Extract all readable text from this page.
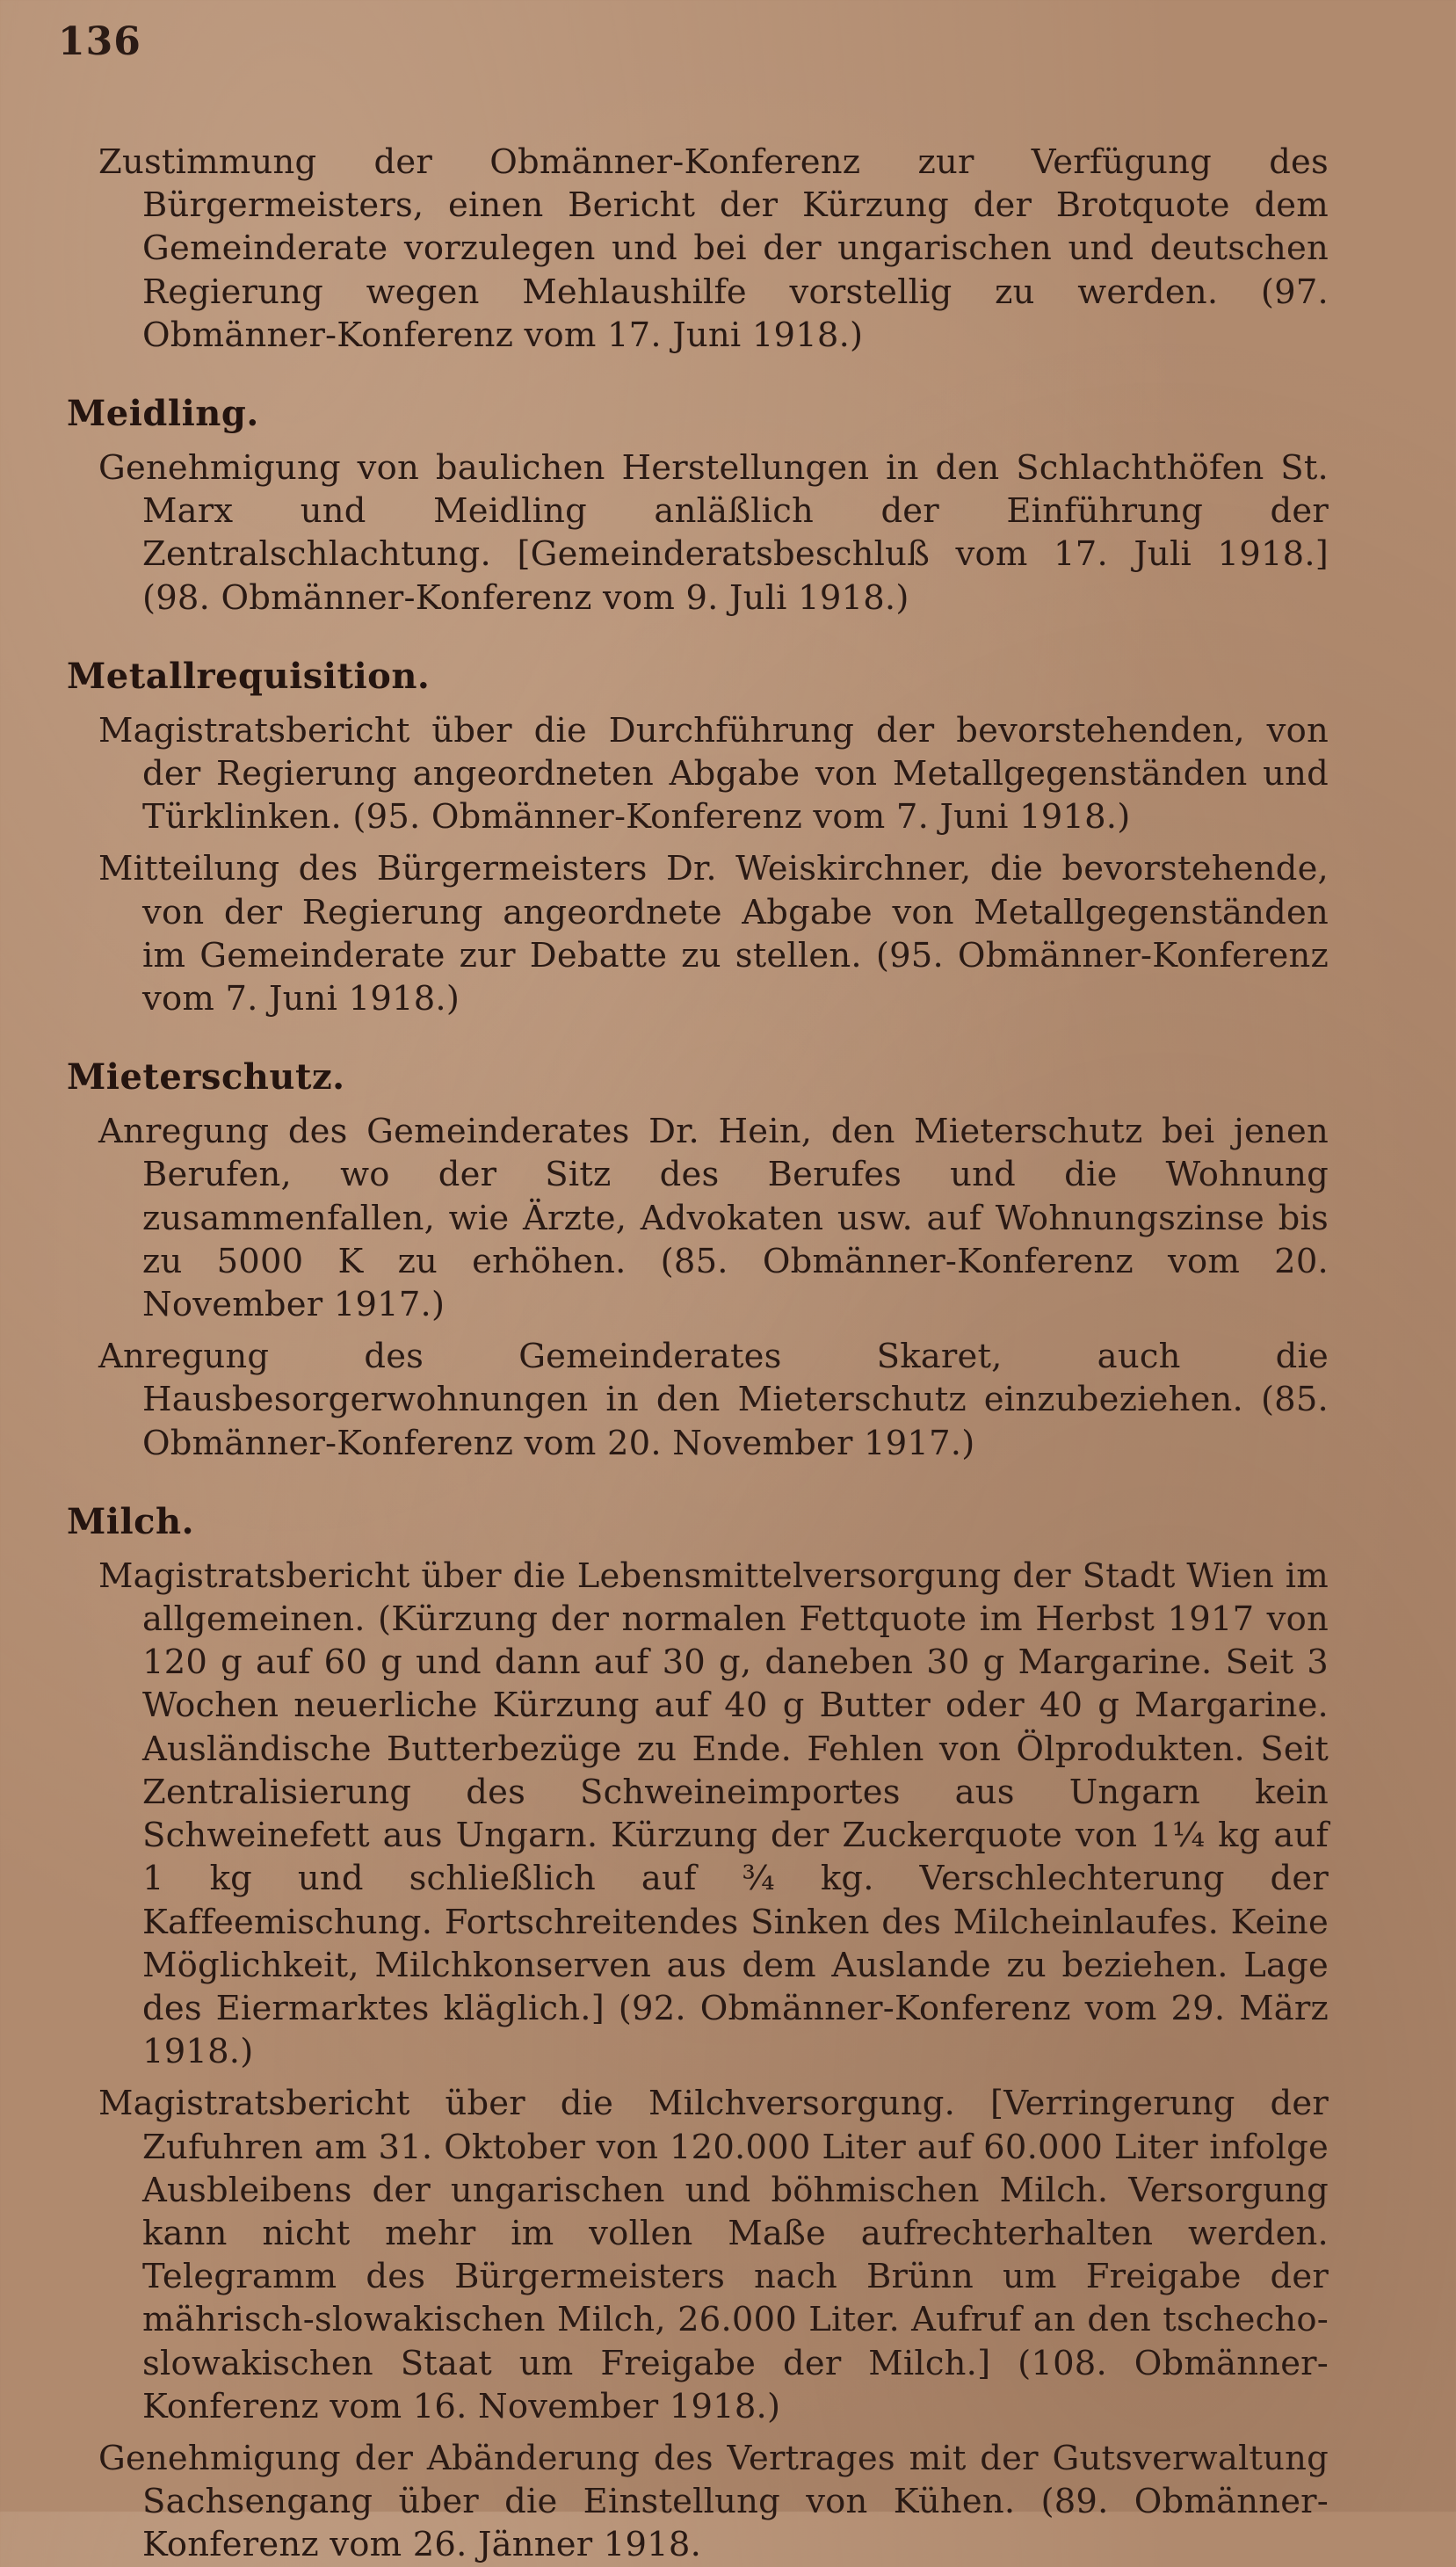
136

Zustimmung der Obmänner-Konferenz zur Verfügung des Bürgermeisters, einen Bericht der Kürzung der Brotquote dem Gemeinderate vorzulegen und bei der ungarischen und deutschen Regierung wegen Mehlaushilfe vorstellig zu werden. (97. Obmänner-Konferenz vom 17. Juni 1918.)

Meidling.

Genehmigung von baulichen Herstellungen in den Schlachthöfen St. Marx und Meidling anläßlich der Einführung der Zentralschlachtung. [Gemeinderatsbeschluß vom 17. Juli 1918.] (98. Obmänner-Konferenz vom 9. Juli 1918.)

Metallrequisition.

Magistratsbericht über die Durchführung der bevorstehenden, von der Regierung angeordneten Abgabe von Metallgegenständen und Türklinken. (95. Obmänner-Konferenz vom 7. Juni 1918.)

Mitteilung des Bürgermeisters Dr. Weiskirchner, die bevorstehende, von der Regierung angeordnete Abgabe von Metallgegenständen im Gemeinderate zur Debatte zu stellen. (95. Obmänner-Konferenz vom 7. Juni 1918.)

Mieterschutz.

Anregung des Gemeinderates Dr. Hein, den Mieterschutz bei jenen Berufen, wo der Sitz des Berufes und die Wohnung zusammenfallen, wie Ärzte, Advokaten usw. auf Wohnungszinse bis zu 5000 K zu erhöhen. (85. Obmänner-Konferenz vom 20. November 1917.)

Anregung des Gemeinderates Skaret, auch die Hausbesorgerwohnungen in den Mieterschutz einzubeziehen. (85. Obmänner-Konferenz vom 20. November 1917.)

Milch.

Magistratsbericht über die Lebensmittelversorgung der Stadt Wien im allgemeinen. (Kürzung der normalen Fettquote im Herbst 1917 von 120 g auf 60 g und dann auf 30 g, daneben 30 g Margarine. Seit 3 Wochen neuerliche Kürzung auf 40 g Butter oder 40 g Margarine. Ausländische Butterbezüge zu Ende. Fehlen von Ölprodukten. Seit Zentralisierung des Schweineimportes aus Ungarn kein Schweinefett aus Ungarn. Kürzung der Zuckerquote von 1¼ kg auf 1 kg und schließlich auf ¾ kg. Verschlechterung der Kaffeemischung. Fortschreitendes Sinken des Milcheinlaufes. Keine Möglichkeit, Milchkonserven aus dem Auslande zu beziehen. Lage des Eiermarktes kläglich.] (92. Obmänner-Konferenz vom 29. März 1918.)

Magistratsbericht über die Milchversorgung. [Verringerung der Zufuhren am 31. Oktober von 120.000 Liter auf 60.000 Liter infolge Ausbleibens der ungarischen und böhmischen Milch. Versorgung kann nicht mehr im vollen Maße aufrechterhalten werden. Telegramm des Bürgermeisters nach Brünn um Freigabe der mährisch-slowakischen Milch, 26.000 Liter. Aufruf an den tschecho-slowakischen Staat um Freigabe der Milch.] (108. Obmänner-Konferenz vom 16. November 1918.)

Genehmigung der Abänderung des Vertrages mit der Gutsverwaltung Sachsengang über die Einstellung von Kühen. (89. Obmänner-Konferenz vom 26. Jänner 1918.
